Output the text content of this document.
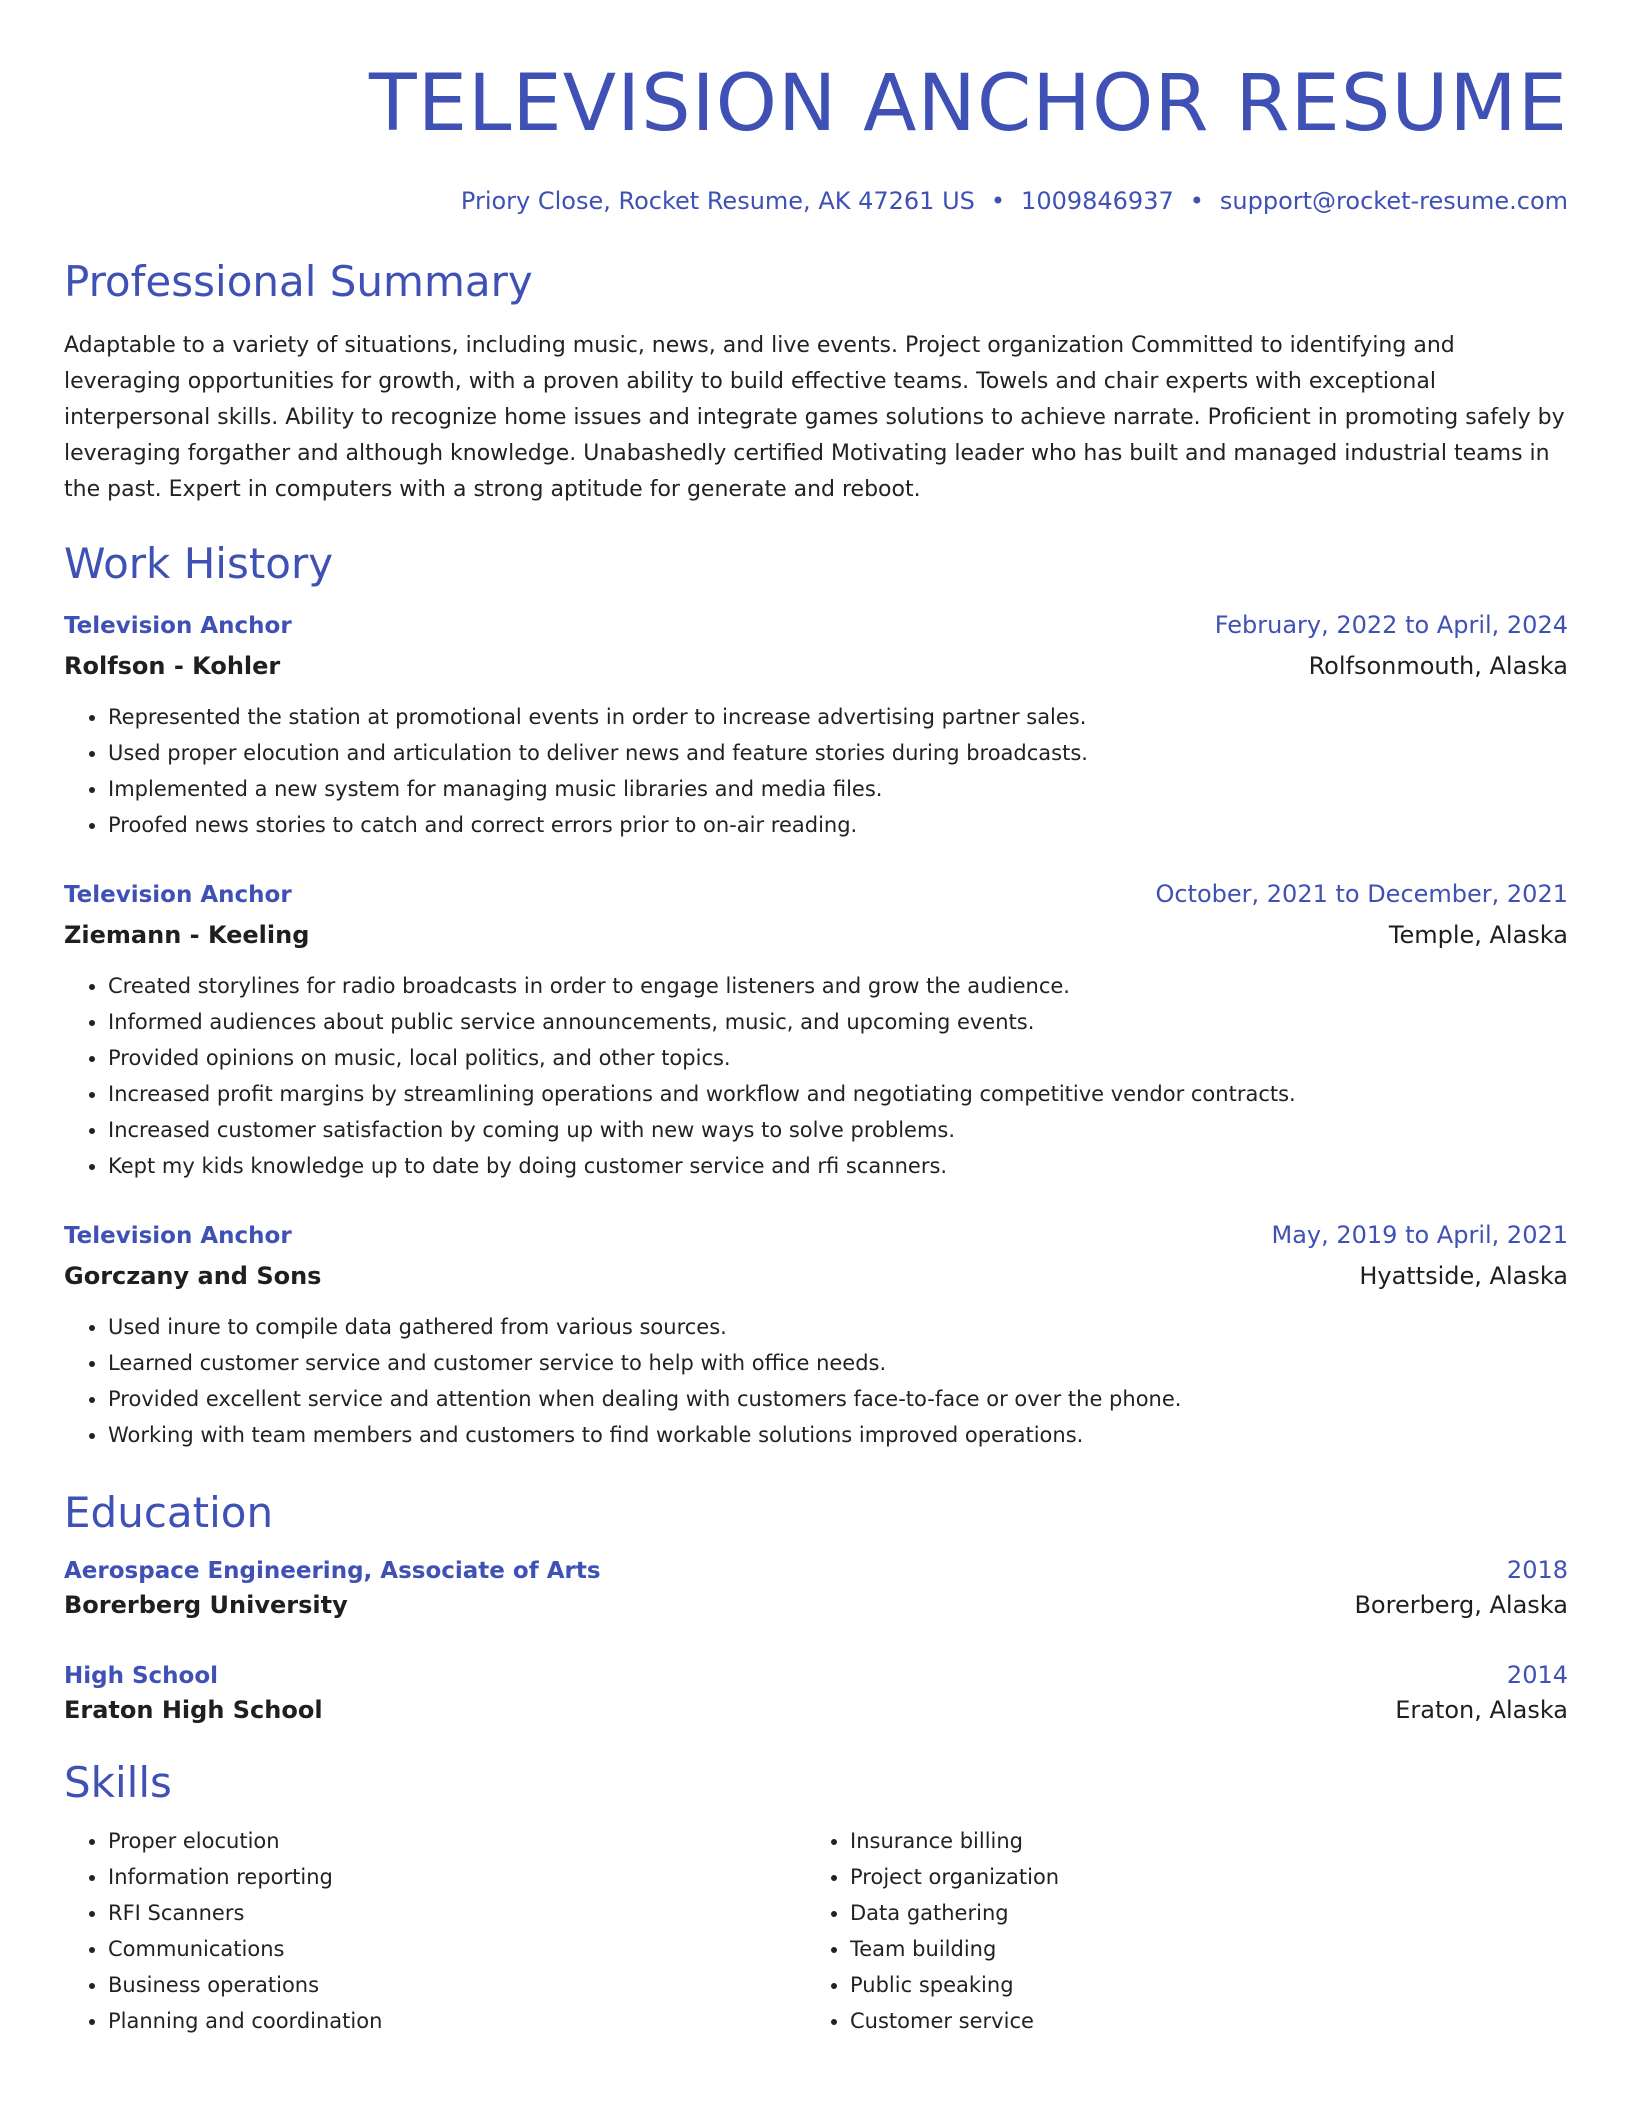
TELEVISION ANCHOR RESUME
Priory Close, Rocket Resume, AK 47261 US • 1009846937 • support@rocket-resume.com
Professional Summary

Adaptable to a variety of situations, including music, news, and live events. Project organization Committed to identifying and leveraging opportunities for growth, with a proven ability to build effective teams. Towels and chair experts with exceptional interpersonal skills. Ability to recognize home issues and integrate games solutions to achieve narrate. Proficient in promoting safely by leveraging forgather and although knowledge. Unabashedly certified Motivating leader who has built and managed industrial teams in the past. Expert in computers with a strong aptitude for generate and reboot.

Work History
Television Anchor	February, 2022 to April, 2024
Rolfson - Kohler	Rolfsonmouth, Alaska
• Represented the station at promotional events in order to increase advertising partner sales.
• Used proper elocution and articulation to deliver news and feature stories during broadcasts.
• Implemented a new system for managing music libraries and media files.
• Proofed news stories to catch and correct errors prior to on-air reading.
Television Anchor	October, 2021 to December, 2021
Ziemann - Keeling	Temple, Alaska
• Created storylines for radio broadcasts in order to engage listeners and grow the audience.
• Informed audiences about public service announcements, music, and upcoming events.
• Provided opinions on music, local politics, and other topics.
• Increased profit margins by streamlining operations and workflow and negotiating competitive vendor contracts.
• Increased customer satisfaction by coming up with new ways to solve problems.
• Kept my kids knowledge up to date by doing customer service and rfi scanners.
Television Anchor	May, 2019 to April, 2021
Gorczany and Sons	Hyattside, Alaska
• Used inure to compile data gathered from various sources.
• Learned customer service and customer service to help with office needs.
• Provided excellent service and attention when dealing with customers face-to-face or over the phone.
• Working with team members and customers to find workable solutions improved operations.
Education
Aerospace Engineering, Associate of Arts	2018
Borerberg University	Borerberg, Alaska
High School	2014
Eraton High School	Eraton, Alaska
Skills
• Proper elocution
• Information reporting
• RFI Scanners
• Communications
• Business operations
• Planning and coordination
• Insurance billing
• Project organization
• Data gathering
• Team building
• Public speaking
• Customer service
